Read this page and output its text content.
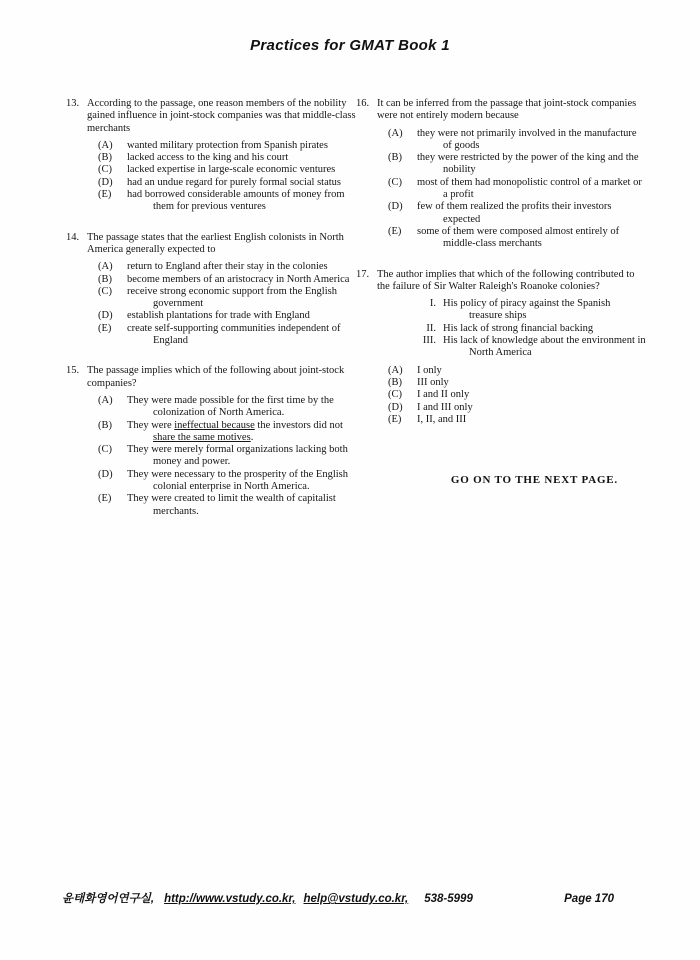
Practices for GMAT Book 1
13. According to the passage, one reason members of the nobility gained influence in joint-stock companies was that middle-class merchants
(A)	wanted military protection from Spanish pirates
(B)	lacked access to the king and his court
(C)	lacked expertise in large-scale economic ventures
(D)	had an undue regard for purely formal social status
(E)	had borrowed considerable amounts of money from them for previous ventures
14. The passage states that the earliest English colonists in North America generally expected to
(A)	return to England after their stay in the colonies
(B)	become members of an aristocracy in North America
(C)	receive strong economic support from the English government
(D)	establish plantations for trade with England
(E)	create self-supporting communities independent of England
15. The passage implies which of the following about joint-stock companies?
(A)	They were made possible for the first time by the colonization of North America.
(B)	They were ineffectual because the investors did not share the same motives.
(C)	They were merely formal organizations lacking both money and power.
(D)	They were necessary to the prosperity of the English colonial enterprise in North America.
(E)	They were created to limit the wealth of capitalist merchants.
16. It can be inferred from the passage that joint-stock companies were not entirely modern because
(A)	they were not primarily involved in the manufacture of goods
(B)	they were restricted by the power of the king and the nobility
(C)	most of them had monopolistic control of a market or a profit
(D)	few of them realized the profits their investors expected
(E)	some of them were composed almost entirely of middle-class merchants
17. The author implies that which of the following contributed to the failure of Sir Walter Raleigh's Roanoke colonies?
I. His policy of piracy against the Spanish treasure ships
II. His lack of strong financial backing
III. His lack of knowledge about the environment in North America
(A)	I only
(B)	III only
(C)	I and II only
(D)	I and III only
(E)	I, II, and III
GO ON TO THE NEXT PAGE.
윤태화영어연구실, http://www.vstudy.co.kr, help@vstudy.co.kr, 538-5999	Page 170
